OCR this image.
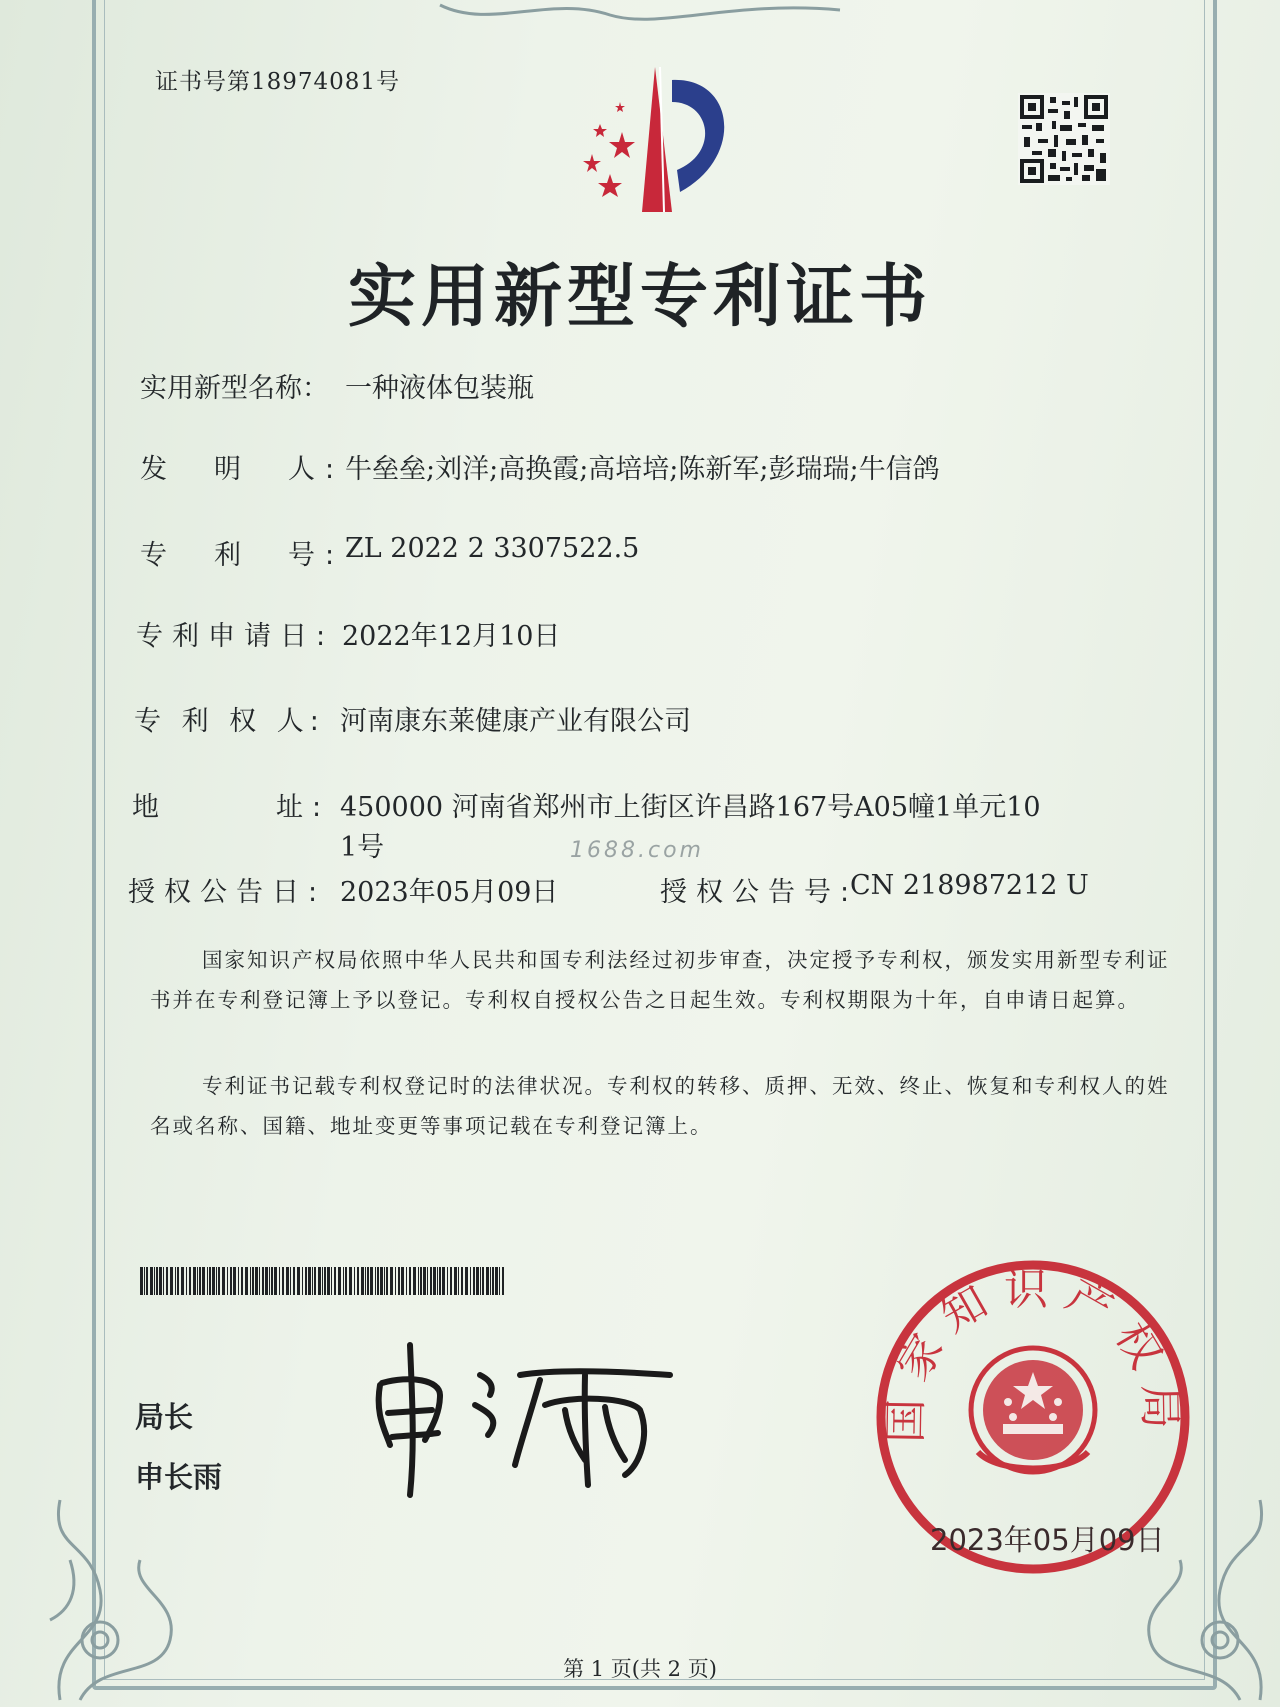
证书号第18974081号
实用新型专利证书
实用新型名称： 一种液体包装瓶
发　明　人: 牛垒垒;刘洋;高换霞;高培培;陈新军;彭瑞瑞;牛信鸽
专　利　号: ZL 2022 2 3307522.5
专利申请日: 2022年12月10日
专 利 权 人: 河南康东莱健康产业有限公司
地　　　址: 450000 河南省郑州市上街区许昌路167号A05幢1单元10
1号	1688.com
授权公告日: 2023年05月09日	授权公告号:
CN 218987212 U
国家知识产权局依照中华人民共和国专利法经过初步审查，决定授予专利权，颁发实用新型专利证书并在专利登记簿上予以登记。专利权自授权公告之日起生效。专利权期限为十年，自申请日起算。
专利证书记载专利权登记时的法律状况。专利权的转移、质押、无效、终止、恢复和专利权人的姓名或名称、国籍、地址变更等事项记载在专利登记簿上。
局长
申长雨
国家知识产权局
2023年05月09日
第 1 页(共 2 页)
